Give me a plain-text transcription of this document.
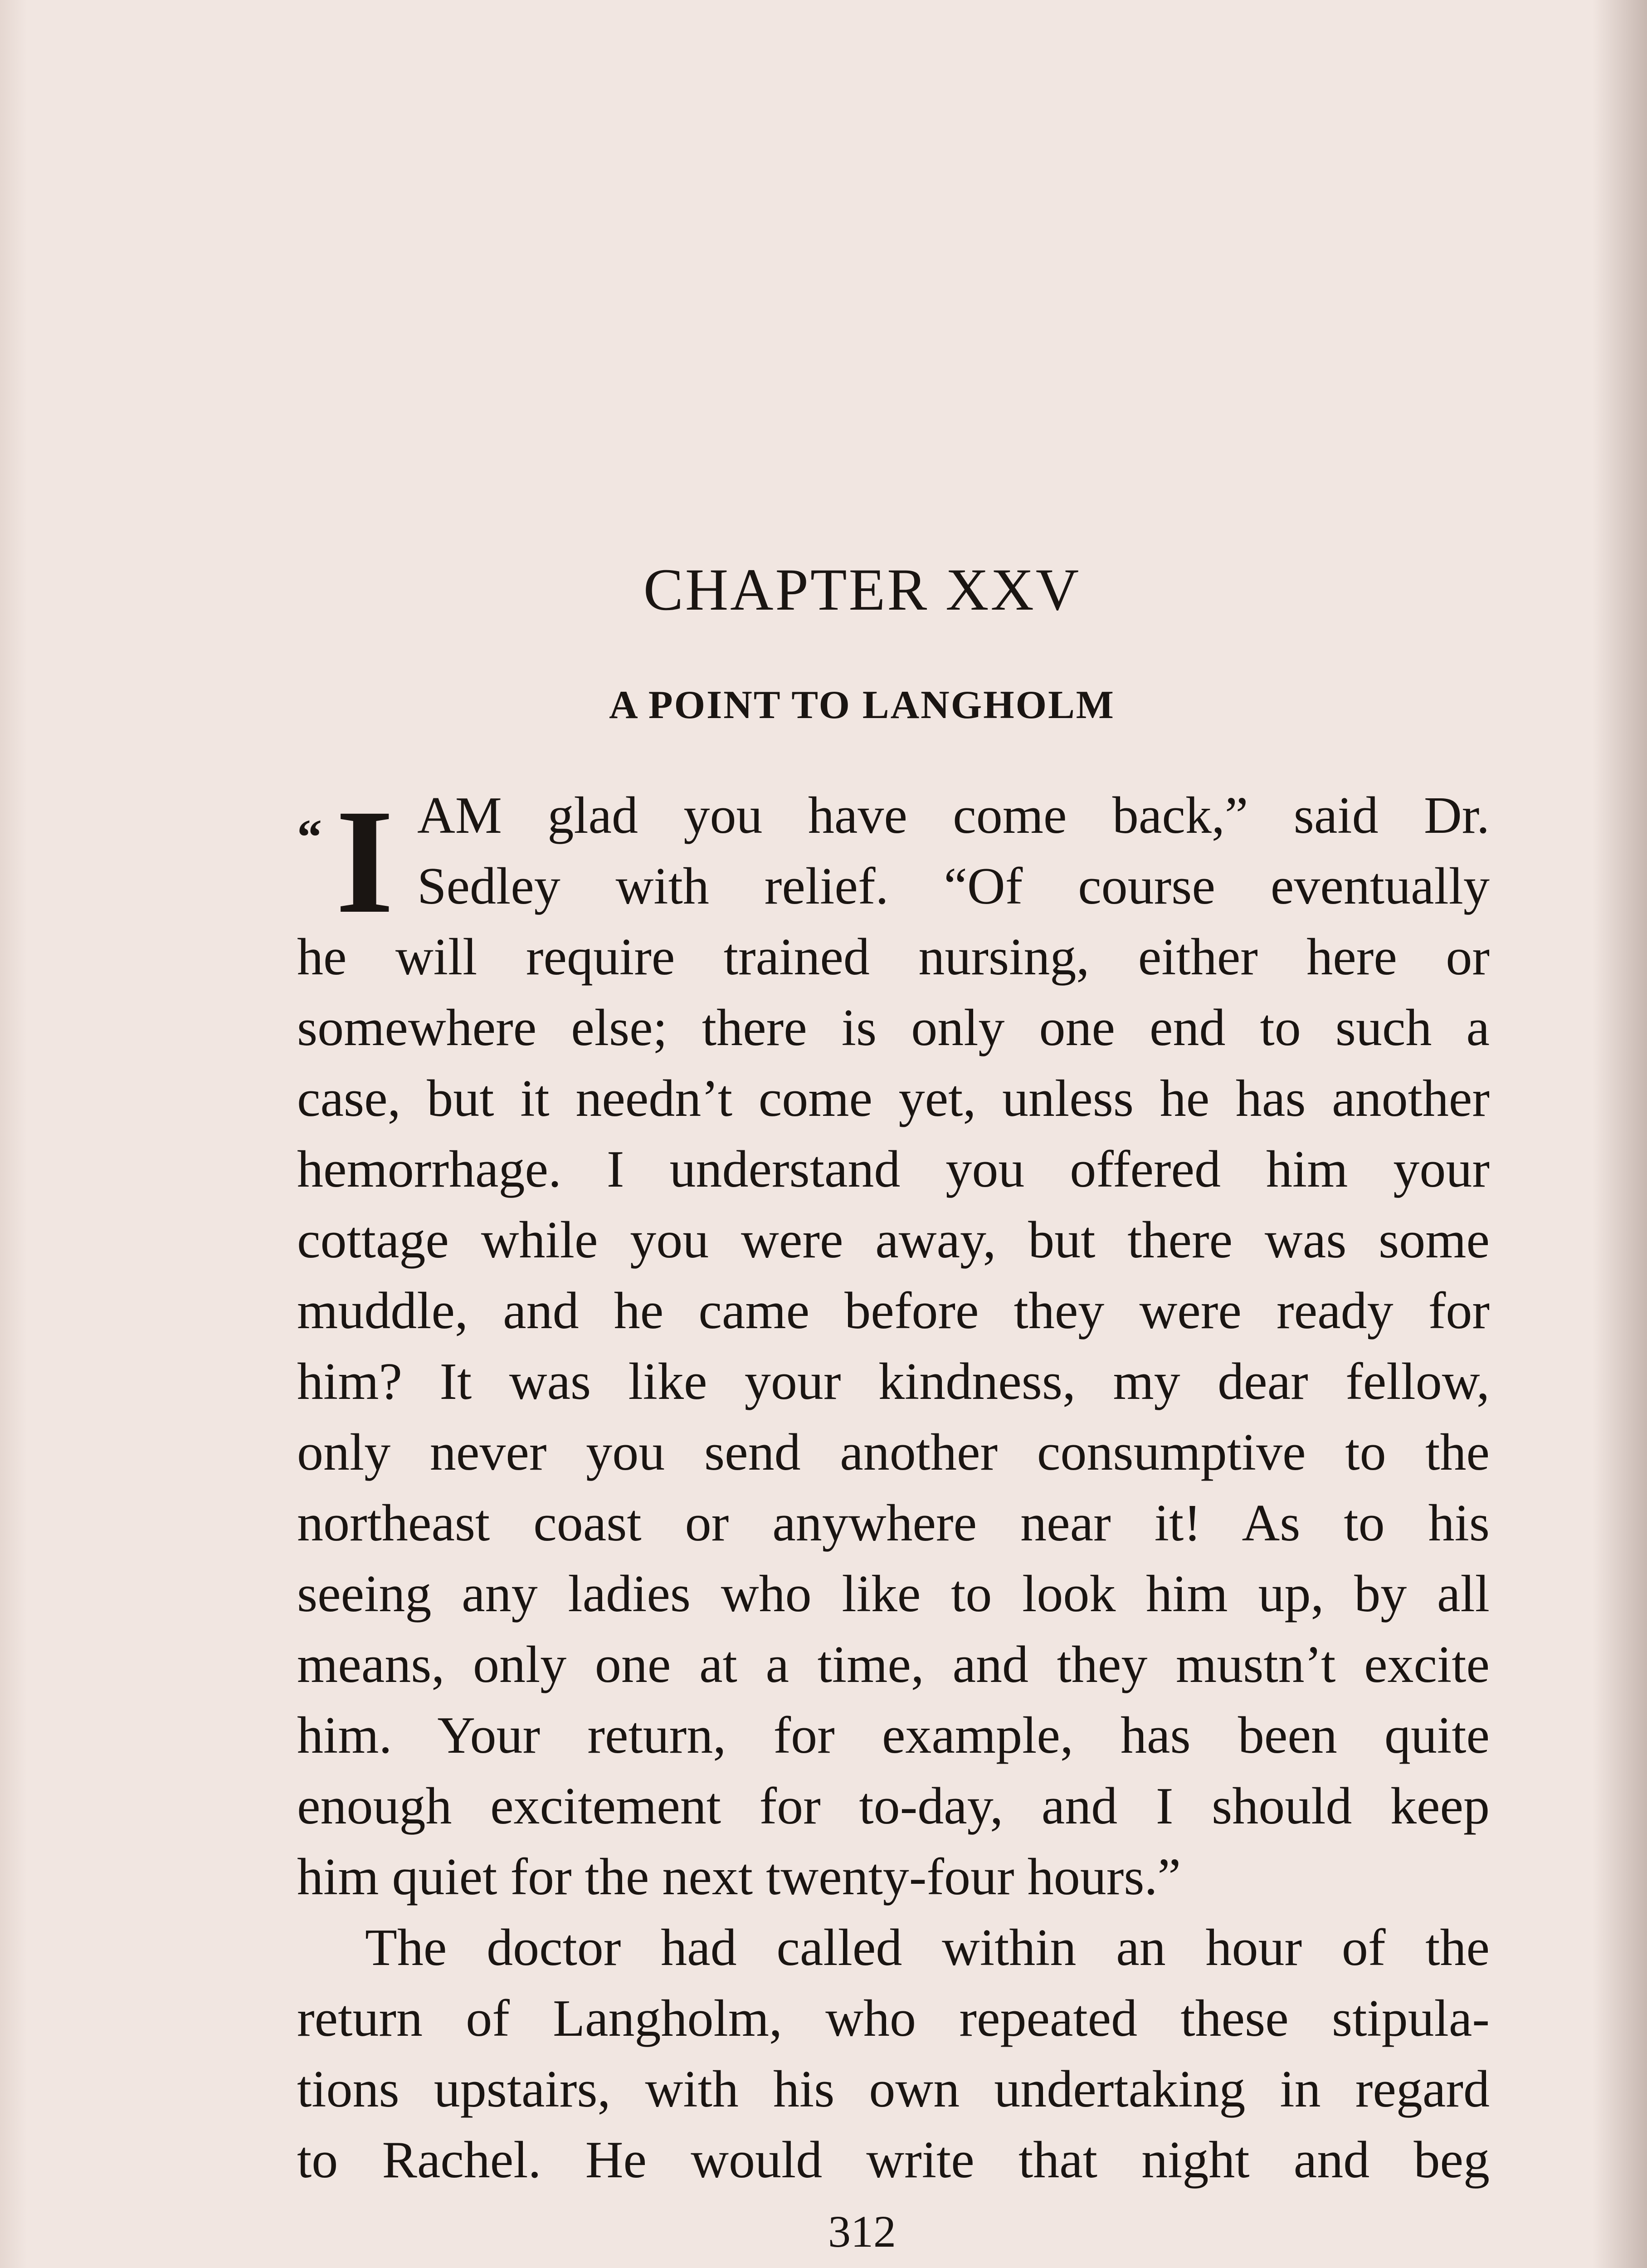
CHAPTER XXV
A POINT TO LANGHOLM
“ I AM glad you have come back,” said Dr.
Sedley with relief. “Of course eventually
he will require trained nursing, either here or
somewhere else; there is only one end to such a
case, but it needn’t come yet, unless he has another
hemorrhage. I understand you offered him your
cottage while you were away, but there was some
muddle, and he came before they were ready for
him? It was like your kindness, my dear fellow,
only never you send another consumptive to the
northeast coast or anywhere near it! As to his
seeing any ladies who like to look him up, by all
means, only one at a time, and they mustn’t excite
him. Your return, for example, has been quite
enough excitement for to-day, and I should keep
him quiet for the next twenty-four hours.”
The doctor had called within an hour of the
return of Langholm, who repeated these stipula-
tions upstairs, with his own undertaking in regard
to Rachel. He would write that night and beg
312
